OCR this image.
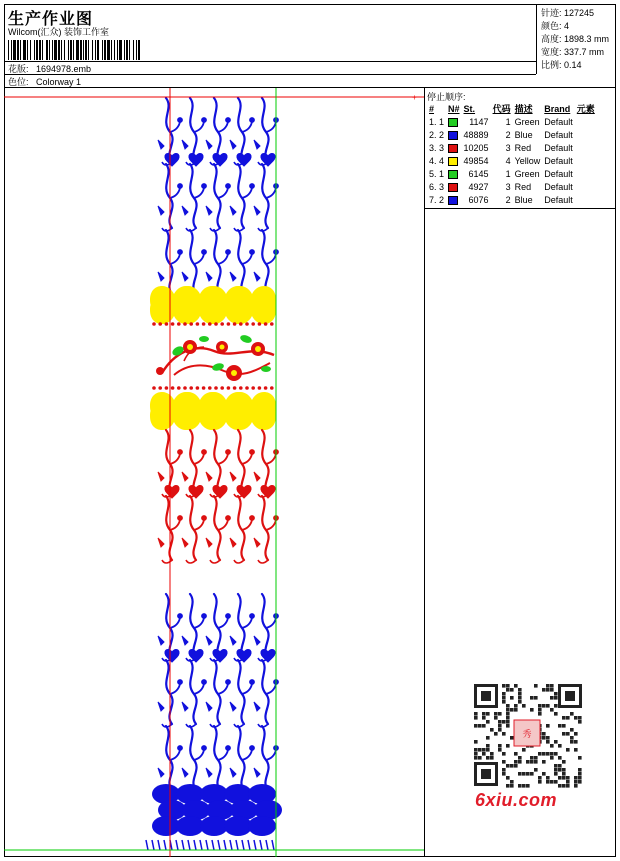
生产作业图
Wilcom(汇众) 装饰工作室
花版: 1694978.emb
色位: Colorway 1
针迹: 127245
颜色: 4
高度: 1898.3 mm
宽度: 337.7 mm
比例: 0.14
+ 停止顺序:
#	N#	St.	代码	描述	Brand	元素
1. 1		1147	1	Green	Default	
2. 2		48889	2	Blue	Default	
3. 3		10205	3	Red	Default	
4. 4		49854	4	Yellow	Default	
5. 1		6145	1	Green	Default	
6. 3		4927	3	Red	Default	
7. 2		6076	2	Blue	Default	
秀
6xiu.com
